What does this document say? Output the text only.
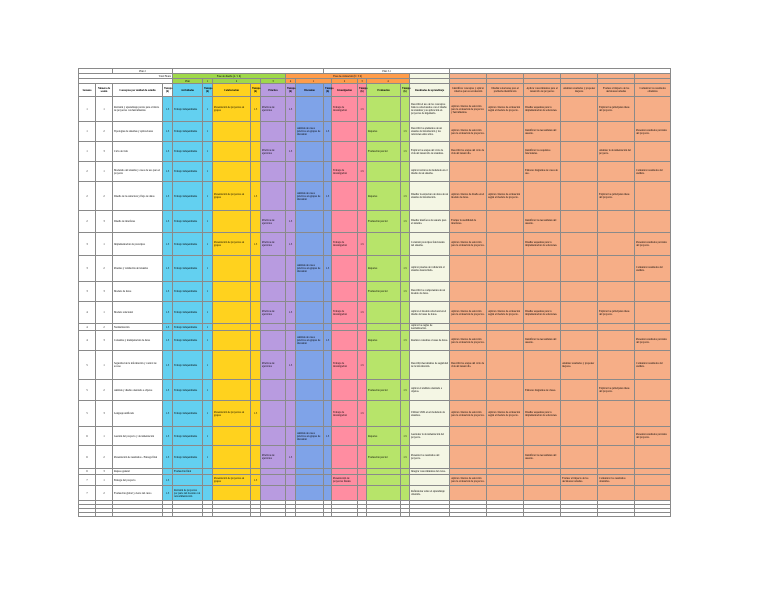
		Plan 2									Plan 3.1											
Total Hours				Fase de diseño (4 / 1 h)					Fase de evaluación (6 / 5 h)													
				Plan	1	2		3	4	1		2	3	4								
Semana	Número de sesión	Conceptos por unidad de estudio	Tiempo (h)	Actividades	Tiempo (h)	Colaboración	Tiempo (h)	Práctica	Tiempo (h)	Discusión	Tiempo (h)	Investigación	Tiempo (h)	Evaluación	Tiempo (h)	Resultados de aprendizaje	Identificar conceptos y aplicar criterios para su evaluación	Diseñar soluciones para el problema identificado	Aplicar conocimientos para el desarrollo de proyectos	Analizar resultados y proponer mejoras	Evaluar el impacto de las decisiones tomadas	Comunicar los resultados obtenidos

1	1	Revisión y aprendizaje previo para el inicio de proyectos con herramientas	1.5	Trabajo independiente	1	Presentación de proyectos en grupos	1.5	Prácticas de ejercicios	1.5			Trabajo de investigación	1.5			Describir el uso de los conceptos básicos relacionados con el diseño de sistemas y su aplicación en proyectos de ingeniería.	Aplicar criterios de selección para la evaluación de proyectos y herramientas.	Aplicar criterios de evaluación según el modelo de proyecto.	Diseñar esquemas para la implementación de soluciones.		Explicar las principales ideas del proyecto.	

1	2	Tipologías de sistemas y aplicaciones	1.5	Trabajo independiente	1					Análisis de casos prácticos en grupos de discusión	1.5			Reportes	1.5	Describir los elementos de un sistema de información y las relaciones entre ellos.	Aplicar criterios de selección para la evaluación de proyectos.		Identificar las necesidades del usuario.			Presentar resultados parciales del proyecto.

1	3	Ciclo de vida	1.5	Trabajo independiente	1			Prácticas de ejercicios	1.5					Evaluación parcial	1.5	Explicar las etapas del ciclo de vida del desarrollo de sistemas.	Describir las etapas del ciclo de vida del desarrollo.		Identificar los requisitos funcionales.		Analizar la documentación del proyecto.	

2	1	Modelado del sistema y casos de uso para el proyecto	1.5	Trabajo independiente	1							Trabajo de investigación	1.5			Aplicar técnicas de modelado en el diseño de un sistema.			Elaborar diagramas de casos de uso.			Comunicar resultados del análisis.

2	2	Diseño de la estructura y flujo de datos	1.5	Trabajo independiente	1	Presentación de proyectos en grupos	1.5			Análisis de casos prácticos en grupos de discusión	1.5			Reportes	1.5	Diseñar la estructura de datos de un sistema de información.	Aplicar criterios de diseño en el modelo de datos.	Aplicar criterios de evaluación según el modelo de proyecto.			Explicar las principales ideas del proyecto.	

2	3	Diseño de interfaces	1.5	Trabajo independiente	1			Prácticas de ejercicios	1.5					Evaluación parcial	1.5	Diseñar interfaces de usuario para el sistema.	Evaluar la usabilidad de interfaces.		Identificar las necesidades del usuario.			

3	1	Implementación de prototipos	1.5	Trabajo independiente	1	Presentación de proyectos en grupos	1.5	Prácticas de ejercicios	1.5			Trabajo de investigación	1.5			Construir prototipos funcionales del sistema.	Aplicar criterios de selección para la evaluación de proyectos.		Diseñar esquemas para la implementación de soluciones.			Presentar resultados parciales del proyecto.

3	2	Pruebas y validación del sistema	1.5	Trabajo independiente	1					Análisis de casos prácticos en grupos de discusión	1.5			Reportes	1.5	Aplicar pruebas de validación al sistema desarrollado.						Comunicar resultados del análisis.

3	3	Modelo de datos	1.5	Trabajo independiente	1									Evaluación parcial	1.5	Describir los componentes de un modelo de datos.						

4	1	Modelo relacional	1.5	Trabajo independiente	1			Prácticas de ejercicios	1.5			Trabajo de investigación	1.5			Aplicar el modelo relacional en el diseño de bases de datos.	Aplicar criterios de selección para la evaluación de proyectos.	Aplicar criterios de evaluación según el modelo de proyecto.	Diseñar esquemas para la implementación de soluciones.		Explicar las principales ideas del proyecto.	

4	2	Normalización	1.5	Trabajo independiente	1											Aplicar las reglas de normalización.						

4	3	Consultas y manipulación de datos	1.5	Trabajo independiente	1					Análisis de casos prácticos en grupos de discusión	1.5			Reportes	1.5	Realizar consultas a bases de datos.	Aplicar criterios de selección para la evaluación de proyectos.		Identificar las necesidades del usuario.			Presentar resultados parciales del proyecto.

5	1	Seguridad de la información y control de acceso	1.5	Trabajo independiente	1			Prácticas de ejercicios	1.5			Trabajo de investigación	1.5			Describir mecanismos de seguridad de la información.	Describir las etapas del ciclo de vida del desarrollo.			Analizar resultados y proponer mejoras.		Comunicar resultados del análisis.

5	2	Análisis y diseño orientado a objetos	1.5	Trabajo independiente	1									Evaluación parcial	1.5	Aplicar el análisis orientado a objetos.			Elaborar diagramas de clases.		Explicar las principales ideas del proyecto.	

5	3	Lenguaje unificado	1.5	Trabajo independiente	1	Presentación de proyectos en grupos	1.5					Trabajo de investigación	1.5			Utilizar UML en el modelado de sistemas.	Aplicar criterios de selección para la evaluación de proyectos.	Aplicar criterios de evaluación según el modelo de proyecto.	Diseñar esquemas para la implementación de soluciones.			

6	1	Gestión del proyecto y documentación	1.5	Trabajo independiente	1					Análisis de casos prácticos en grupos de discusión	1.5			Reportes	1.5	Gestionar la documentación del proyecto.						Presentar resultados parciales del proyecto.

6	2	Presentación de resultados - Entrega final	1.5	Trabajo independiente	1			Prácticas de ejercicios	1.5					Evaluación parcial	1.5	Presentar los resultados del proyecto.			Identificar las necesidades del usuario.			

6	3	Repaso general		Evaluación final												Integrar conocimientos del curso.						

7	1	Entrega del proyecto	1.5			Presentación de proyectos en grupos	1.5					Presentación de proyectos finales					Aplicar criterios de selección para la evaluación de proyectos.			Evaluar el impacto de las decisiones tomadas.	Comunicar los resultados obtenidos.	

7	2	Evaluación global y cierre del curso	1.5	Revisión de proyectos por parte del docente con retroalimentación												Reflexionar sobre el aprendizaje obtenido.						
